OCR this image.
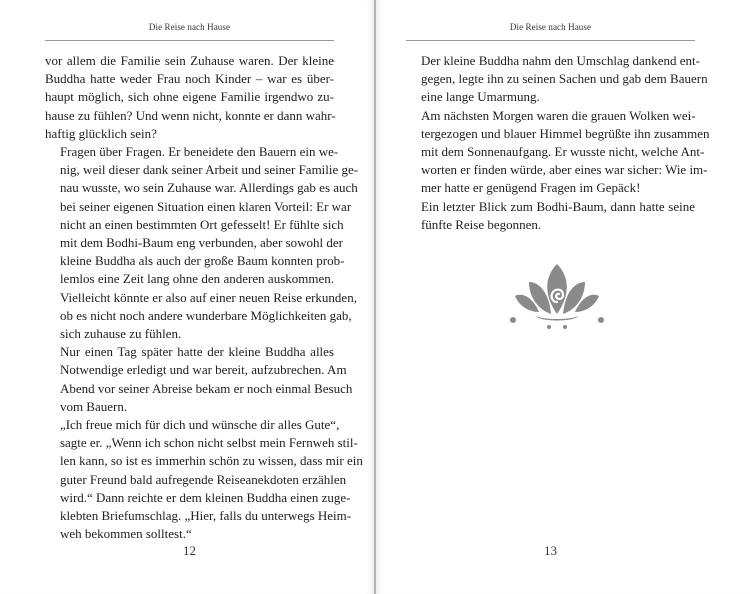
Die Reise nach Hause

vor allem die Familie sein Zuhause waren. Der kleine
Buddha hatte weder Frau noch Kinder – war es über-
haupt möglich, sich ohne eigene Familie irgendwo zu-
hause zu fühlen? Und wenn nicht, konnte er dann wahr-
haftig glücklich sein?

Fragen über Fragen. Er beneidete den Bauern ein we-
nig, weil dieser dank seiner Arbeit und seiner Familie ge-
nau wusste, wo sein Zuhause war. Allerdings gab es auch
bei seiner eigenen Situation einen klaren Vorteil: Er war
nicht an einen bestimmten Ort gefesselt! Er fühlte sich
mit dem Bodhi-Baum eng verbunden, aber sowohl der
kleine Buddha als auch der große Baum konnten prob-
lemlos eine Zeit lang ohne den anderen auskommen.
Vielleicht könnte er also auf einer neuen Reise erkunden,
ob es nicht noch andere wunderbare Möglichkeiten gab,
sich zuhause zu fühlen.

Nur einen Tag später hatte der kleine Buddha alles
Notwendige erledigt und war bereit, aufzubrechen. Am
Abend vor seiner Abreise bekam er noch einmal Besuch
vom Bauern.

„Ich freue mich für dich und wünsche dir alles Gute“,
sagte er. „Wenn ich schon nicht selbst mein Fernweh stil-
len kann, so ist es immerhin schön zu wissen, dass mir ein
guter Freund bald aufregende Reiseanekdoten erzählen
wird.“ Dann reichte er dem kleinen Buddha einen zuge-
klebten Briefumschlag. „Hier, falls du unterwegs Heim-
weh bekommen solltest.“

12
Die Reise nach Hause

Der kleine Buddha nahm den Umschlag dankend ent-
gegen, legte ihn zu seinen Sachen und gab dem Bauern
eine lange Umarmung.

Am nächsten Morgen waren die grauen Wolken wei-
tergezogen und blauer Himmel begrüßte ihn zusammen
mit dem Sonnenaufgang. Er wusste nicht, welche Ant-
worten er finden würde, aber eines war sicher: Wie im-
mer hatte er genügend Fragen im Gepäck!

Ein letzter Blick zum Bodhi-Baum, dann hatte seine
fünfte Reise begonnen.

13
